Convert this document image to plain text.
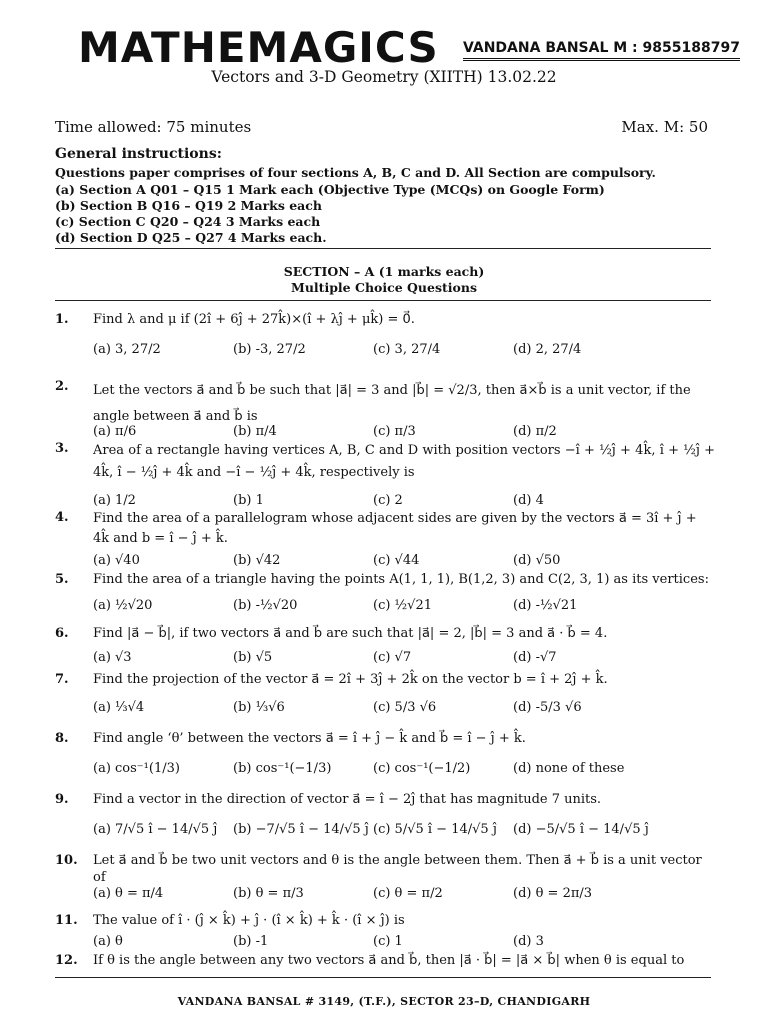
MATHEMAGICS VANDANA BANSAL M : 9855188797
Vectors and 3-D Geometry (XIITH) 13.02.22
Time allowed: 75 minutes	Max. M: 50
General instructions:
Questions paper comprises of four sections A, B, C and D. All Section are compulsory.
(a) Section A Q01 – Q15 1 Mark each (Objective Type (MCQs) on Google Form)
(b) Section B Q16 – Q19 2 Marks each
(c) Section C Q20 – Q24 3 Marks each
(d) Section D Q25 – Q27 4 Marks each.
SECTION – A (1 marks each)
Multiple Choice Questions
1.	Find λ and μ if (2î + 6ĵ + 27k̂)×(î + λĵ + μk̂) = 0⃗.
(a) 3, 27/2	(b) -3, 27/2	(c) 3, 27/4	(d) 2, 27/4
2.	Let the vectors a⃗ and b⃗ be such that |a⃗| = 3 and |b⃗| = √2/3, then a⃗×b⃗ is a unit vector, if the angle between a⃗ and b⃗ is
(a) π/6	(b) π/4	(c) π/3	(d) π/2
3.	Area of a rectangle having vertices A, B, C and D with position vectors −î + ½ĵ + 4k̂, î + ½ĵ + 4k̂, î − ½ĵ + 4k̂ and −î − ½ĵ + 4k̂, respectively is
(a) 1/2	(b) 1	(c) 2	(d) 4
4.	Find the area of a parallelogram whose adjacent sides are given by the vectors a⃗ = 3î + ĵ + 4k̂ and b = î − ĵ + k̂.
(a) √40	(b) √42	(c) √44	(d) √50
5.	Find the area of a triangle having the points A(1, 1, 1), B(1,2, 3) and C(2, 3, 1) as its vertices:
(a) ½√20	(b) -½√20	(c) ½√21	(d) -½√21
6.	Find |a⃗ − b⃗|, if two vectors a⃗ and b⃗ are such that |a⃗| = 2, |b⃗| = 3 and a⃗ · b⃗ = 4.
(a) √3	(b) √5	(c) √7	(d) -√7
7.	Find the projection of the vector a⃗ = 2î + 3ĵ + 2k̂ on the vector b = î + 2ĵ + k̂.
(a) ⅓√4	(b) ⅓√6	(c) 5/3 √6	(d) -5/3 √6
8.	Find angle ‘θ’ between the vectors a⃗ = î + ĵ − k̂ and b⃗ = î − ĵ + k̂.
(a) cos⁻¹(1/3)	(b) cos⁻¹(−1/3)	(c) cos⁻¹(−1/2)	(d) none of these
9.	Find a vector in the direction of vector a⃗ = î − 2ĵ that has magnitude 7 units.
(a) 7/√5 î − 14/√5 ĵ (b) −7/√5 î − 14/√5 ĵ (c) 5/√5 î − 14/√5 ĵ (d) −5/√5 î − 14/√5 ĵ
10.	Let a⃗ and b⃗ be two unit vectors and θ is the angle between them. Then a⃗ + b⃗ is a unit vector of
(a) θ = π/4	(b) θ = π/3	(c) θ = π/2	(d) θ = 2π/3
11.	The value of î · (ĵ × k̂) + ĵ · (î × k̂) + k̂ · (î × ĵ) is
(a) θ	(b) -1	(c) 1	(d) 3
12.	If θ is the angle between any two vectors a⃗ and b⃗, then |a⃗ · b⃗| = |a⃗ × b⃗| when θ is equal to
VANDANA BANSAL # 3149, (T.F.), SECTOR 23–D, CHANDIGARH
